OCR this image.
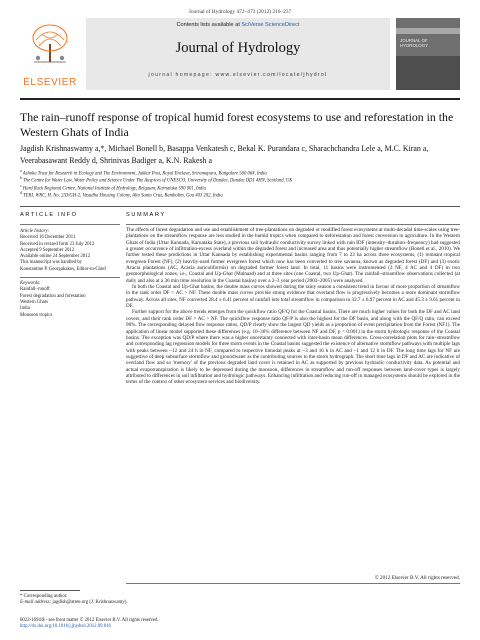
Journal of Hydrology 472–473 (2012) 216–237
ELSEVIER
Contents lists available at SciVerse ScienceDirect
Journal of Hydrology
journal homepage: www.elsevier.com/locate/jhydrol
JOURNAL OF
HYDROLOGY
The rain–runoff response of tropical humid forest ecosystems to use and reforestation in the Western Ghats of India
Jagdish Krishnaswamy a,*, Michael Bonell b, Basappa Venkatesh c, Bekal K. Purandara c, Sharachchandra Lele a, M.C. Kiran a, Veerabasawant Reddy d, Shrinivas Badiger a, K.N. Rakesh a
$^a$ Ashoka Trust for Research in Ecology and The Environment, Jakkur Post, Royal Enclave, Sriramapura, Bangalore 560 064, India
$^b$ The Centre for Water Law, Water Policy and Science Under The Auspices of UNESCO, University of Dundee, Dundee DD1 4HN, Scotland, UK
$^c$ Hard Rock Regional Centre, National Institute of Hydrology, Belgaum, Karnataka 590 001, India
$^d$ TERI, WRC, H. No. 233/GH-2, Vasudha Housing Colony, Alto Santa Cruz, Bambolim, Goa 403 202, India
ARTICLE INFO	SUMMARY
Article history:
Received 16 December 2011
Received in revised form 23 July 2012
Accepted 9 September 2012
Available online 24 September 2012
This manuscript was handled by
Konstantine P. Georgakakos, Editor-in-Chief
Keywords:
Rainfall–runoff
Forest degradation and forestation
Western Ghats
India
Monsoon tropics

The effects of forest degradation and use and establishment of tree-plantations on degraded or modified forest ecosystems at multi-decadal time-scales using tree-plantations on the streamflow response are less studied in the humid tropics when compared to deforestation and forest conversion to agriculture. In the Western Ghats of India (Uttar Kannada, Karnataka State), a previous soil hydraulic conductivity survey linked with rain IDF (intensity–duration–frequency) had suggested a greater occurrence of infiltration-excess overland within the degraded forest and increased area and thus potentially higher streamflow (Bonell et al., 2010). We further tested these predictions in Uttar Kannada by establishing experimental basins ranging from 7 to 23 ha across three ecosystems, (1) remnant tropical evergreen Forest (NF), (2) heavily-used former evergreen forest which now has been converted to tree savanna, known as degraded forest (DF) and (3) exotic Acacia plantations (AC, Acacia auriculiformis) on degraded former forest land. In total, 11 basins were instrumented (3 NF, 4 AC and 4 DF) in two geomorphological zones, i.e., Coastal and Up-Ghat (Malnaad) and at three sites (one Coastal, two Up-Ghat). The rainfall–streamflow observations collected (at daily and also at a 36 min time resolution in the Coastal basins) over a 2–3 year period (2003–2005) were analysed.

In both the Coastal and Up-Ghat basins, the double mass curves showed during the rainy season a consistent trend in favour of more proportion of streamflow in the rank order DF > AC > NF. These double mass curves provide strong evidence that overland flow is progressively becomes a more dominant stormflow pathway. Across all sites, NF converted 28.4 ± 6.41 percent of rainfall into total streamflow in comparison to 32.7 ± 6.97 percent in AC and 45.3 ± 9.61 percent in DF.

Further support for the above trends emerges from the quickflow ratio QF/Q for the Coastal basins. There are much higher values for both the DF and AC land covers, and their rank order DF > AC > NF. The quickflow response ratio QF/P is also the highest for the DF basin, and along with the QF/Q ratio, can exceed 90%. The corresponding delayed flow response ratios, QD/P clearly show the largest QD yields as a proportion of event precipitation from the Forest (NF1). The application of linear model supported these differences (e.g. 10–36% difference between NF and DF, p < 0.001) in the storm hydrologic response of the Coastal basins. The exception was QD/P where there was a higher uncertainty connected with inter-basin mean differences. Cross-correlation plots for rain–streamflow and corresponding lag regression models for three storm events in the Coastal basins suggested the existence of alternative stormflow pathways with multiple lags with peaks between ~12 and 24 h in NF, compared to respective bimodal peaks at ~3 and 16 h in AC and ~1 and 12 h in DF. The long time lags for NF are suggestive of deep subsurface stormflow and groundwater as the contributing sources to the storm hydrograph. The short time lags in DF and AC are indicative of overland flow and so 'memory' of the previous degraded land cover is retained in AC as supported by previous hydraulic conductivity data. As potential and actual evapotranspiration is likely to be depressed during the monsoon, differences in streamflow and run-off responses between land-cover types is largely attributed to differences in soil infiltration and hydrologic pathways. Enhancing infiltration and reducing run-off in managed ecosystems should be explored in the terms of the context of other ecosystem services and biodiversity.

© 2012 Elsevier B.V. All rights reserved.
* Corresponding author.
E-mail address: jagdish@atree.org (J. Krishnaswamy).
0022-1694/$ - see front matter © 2012 Elsevier B.V. All rights reserved.
http://dx.doi.org/10.1016/j.jhydrol.2012.09.016
